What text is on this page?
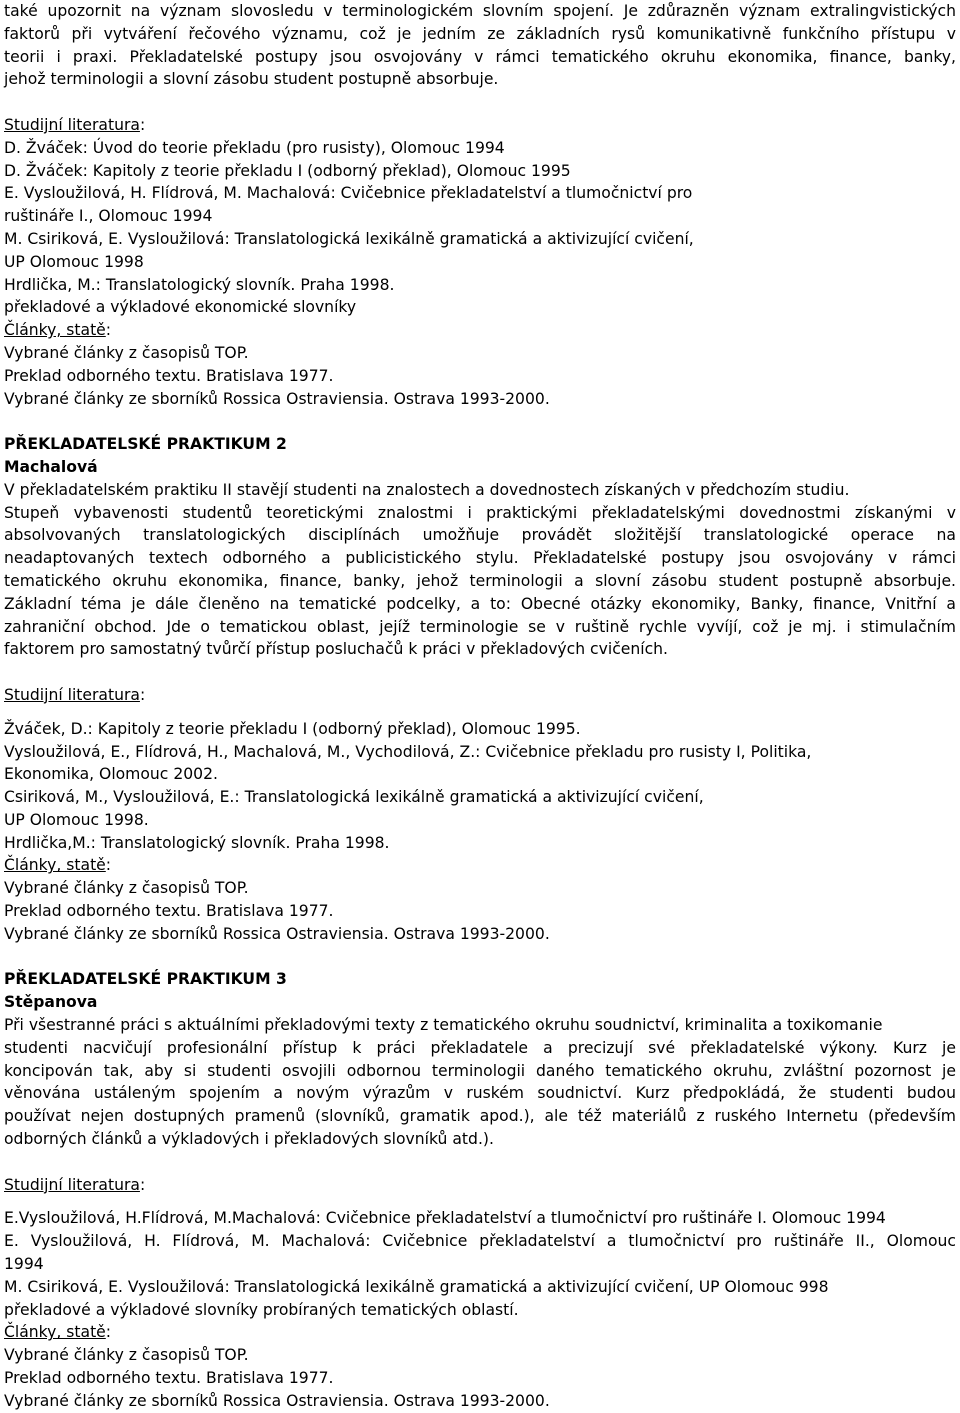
také upozornit na význam slovosledu v terminologickém slovním spojení. Je zdůrazněn význam extralingvistických
faktorů při vytváření řečového významu, což je jedním ze základních rysů komunikativně funkčního přístupu v
teorii i praxi. Překladatelské postupy jsou osvojovány v rámci tematického okruhu ekonomika, finance, banky,
jehož terminologii a slovní zásobu student postupně absorbuje.
Studijní literatura:
D. Žváček: Úvod do teorie překladu (pro rusisty), Olomouc 1994
D. Žváček: Kapitoly z teorie překladu I (odborný překlad), Olomouc 1995
E. Vysloužilová, H. Flídrová, M. Machalová: Cvičebnice překladatelství a tlumočnictví pro
ruštináře I., Olomouc 1994
M. Csiriková, E. Vysloužilová: Translatologická lexikálně gramatická a aktivizující cvičení,
UP Olomouc 1998
Hrdlička, M.: Translatologický slovník. Praha 1998.
překladové a výkladové ekonomické slovníky
Články, statě:
Vybrané články z časopisů TOP.
Preklad odborného textu. Bratislava 1977.
Vybrané články ze sborníků Rossica Ostraviensia. Ostrava 1993-2000.
PŘEKLADATELSKÉ PRAKTIKUM 2
Machalová
V překladatelském praktiku II stavějí studenti na znalostech a dovednostech získaných v předchozím studiu.
Stupeň vybavenosti studentů teoretickými znalostmi i praktickými překladatelskými dovednostmi získanými v
absolvovaných translatologických disciplínách umožňuje provádět složitější translatologické operace na
neadaptovaných textech odborného a publicistického stylu. Překladatelské postupy jsou osvojovány v rámci
tematického okruhu ekonomika, finance, banky, jehož terminologii a slovní zásobu student postupně absorbuje.
Základní téma je dále členěno na tematické podcelky, a to: Obecné otázky ekonomiky, Banky, finance, Vnitřní a
zahraniční obchod. Jde o tematickou oblast, jejíž terminologie se v ruštině rychle vyvíjí, což je mj. i stimulačním
faktorem pro samostatný tvůrčí přístup posluchačů k práci v překladových cvičeních.
Studijní literatura:
Žváček, D.: Kapitoly z teorie překladu I (odborný překlad), Olomouc 1995.
Vysloužilová, E., Flídrová, H., Machalová, M., Vychodilová, Z.: Cvičebnice překladu pro rusisty I, Politika,
Ekonomika, Olomouc 2002.
Csiriková, M., Vysloužilová, E.: Translatologická lexikálně gramatická a aktivizující cvičení,
UP Olomouc 1998.
Hrdlička,M.: Translatologický slovník. Praha 1998.
Články, statě:
Vybrané články z časopisů TOP.
Preklad odborného textu. Bratislava 1977.
Vybrané články ze sborníků Rossica Ostraviensia. Ostrava 1993-2000.
PŘEKLADATELSKÉ PRAKTIKUM 3
Stěpanova
Při všestranné práci s aktuálními překladovými texty z tematického okruhu soudnictví, kriminalita a toxikomanie
studenti nacvičují profesionální přístup k práci překladatele a precizují své překladatelské výkony. Kurz je
koncipován tak, aby si studenti osvojili odbornou terminologii daného tematického okruhu, zvláštní pozornost je
věnována ustáleným spojením a novým výrazům v ruském soudnictví. Kurz předpokládá, že studenti budou
používat nejen dostupných pramenů (slovníků, gramatik apod.), ale též materiálů z ruského Internetu (především
odborných článků a výkladových i překladových slovníků atd.).
Studijní literatura:
E.Vysloužilová, H.Flídrová, M.Machalová: Cvičebnice překladatelství a tlumočnictví pro ruštináře I. Olomouc 1994
E. Vysloužilová, H. Flídrová, M. Machalová: Cvičebnice překladatelství a tlumočnictví pro ruštináře II., Olomouc
1994
M. Csiriková, E. Vysloužilová: Translatologická lexikálně gramatická a aktivizující cvičení, UP Olomouc 998
překladové a výkladové slovníky probíraných tematických oblastí.
Články, statě:
Vybrané články z časopisů TOP.
Preklad odborného textu. Bratislava 1977.
Vybrané články ze sborníků Rossica Ostraviensia. Ostrava 1993-2000.
